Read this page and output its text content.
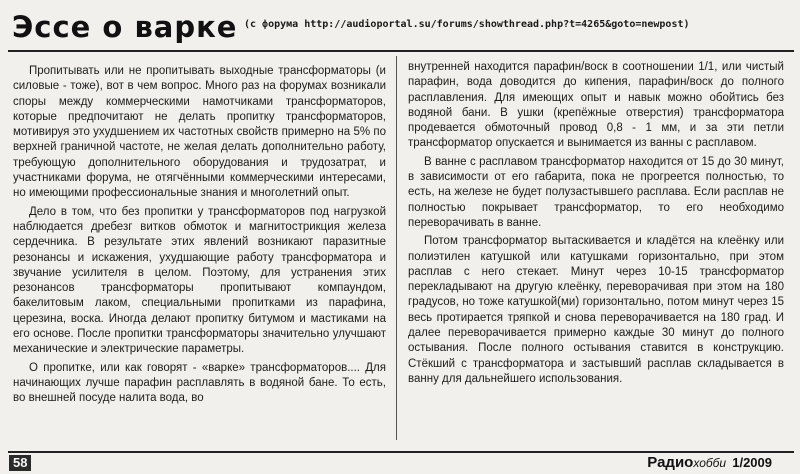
Эссе о варке (с форума http://audioportal.su/forums/showthread.php?t=4265&goto=newpost)

Пропитывать или не пропитывать выходные трансформаторы (и силовые - тоже), вот в чем вопрос. Много раз на форумах возникали споры между коммерческими намотчиками трансформаторов, которые предпочитают не делать пропитку трансформаторов, мотивируя это ухудшением их частотных свойств примерно на 5% по верхней граничной частоте, не желая делать дополнительно работу, требующую дополнительного оборудования и трудозатрат, и участниками форума, не отягчёнными коммерческими интересами, но имеющими профессиональные знания и многолетний опыт.

Дело в том, что без пропитки у трансформаторов под нагрузкой наблюдается дребезг витков обмоток и магнитострикция железа сердечника. В результате этих явлений возникают паразитные резонансы и искажения, ухудшающие работу трансформатора и звучание усилителя в целом. Поэтому, для устранения этих резонансов трансформаторы пропитывают компаундом, бакелитовым лаком, специальными пропитками из парафина, церезина, воска. Иногда делают пропитку битумом и мастиками на его основе. После пропитки трансформаторы значительно улучшают механические и электрические параметры.

О пропитке, или как говорят - «варке» трансформаторов.... Для начинающих лучше парафин расплавлять в водяной бане. То есть, во внешней посуде налита вода, во

внутренней находится парафин/воск в соотношении 1/1, или чистый парафин, вода доводится до кипения, парафин/воск до полного расплавления. Для имеющих опыт и навык можно обойтись без водяной бани. В ушки (крепёжные отверстия) трансформатора продевается обмоточный провод 0,8 - 1 мм, и за эти петли трансформатор опускается и вынимается из ванны с расплавом.

В ванне с расплавом трансформатор находится от 15 до 30 минут, в зависимости от его габарита, пока не прогреется полностью, то есть, на железе не будет полузастывшего расплава. Если расплав не полностью покрывает трансформатор, то его необходимо переворачивать в ванне.

Потом трансформатор вытаскивается и кладётся на клеёнку или полиэтилен катушкой или катушками горизонтально, при этом расплав с него стекает. Минут через 10-15 трансформатор перекладывают на другую клеёнку, переворачивая при этом на 180 градусов, но тоже катушкой(ми) горизонтально, потом минут через 15 весь протирается тряпкой и снова переворачивается на 180 град. И далее переворачивается примерно каждые 30 минут до полного остывания. После полного остывания ставится в конструкцию. Стёкший с трансформатора и застывший расплав складывается в ванну для дальнейшего использования.

58	Радиохобби 1/2009
